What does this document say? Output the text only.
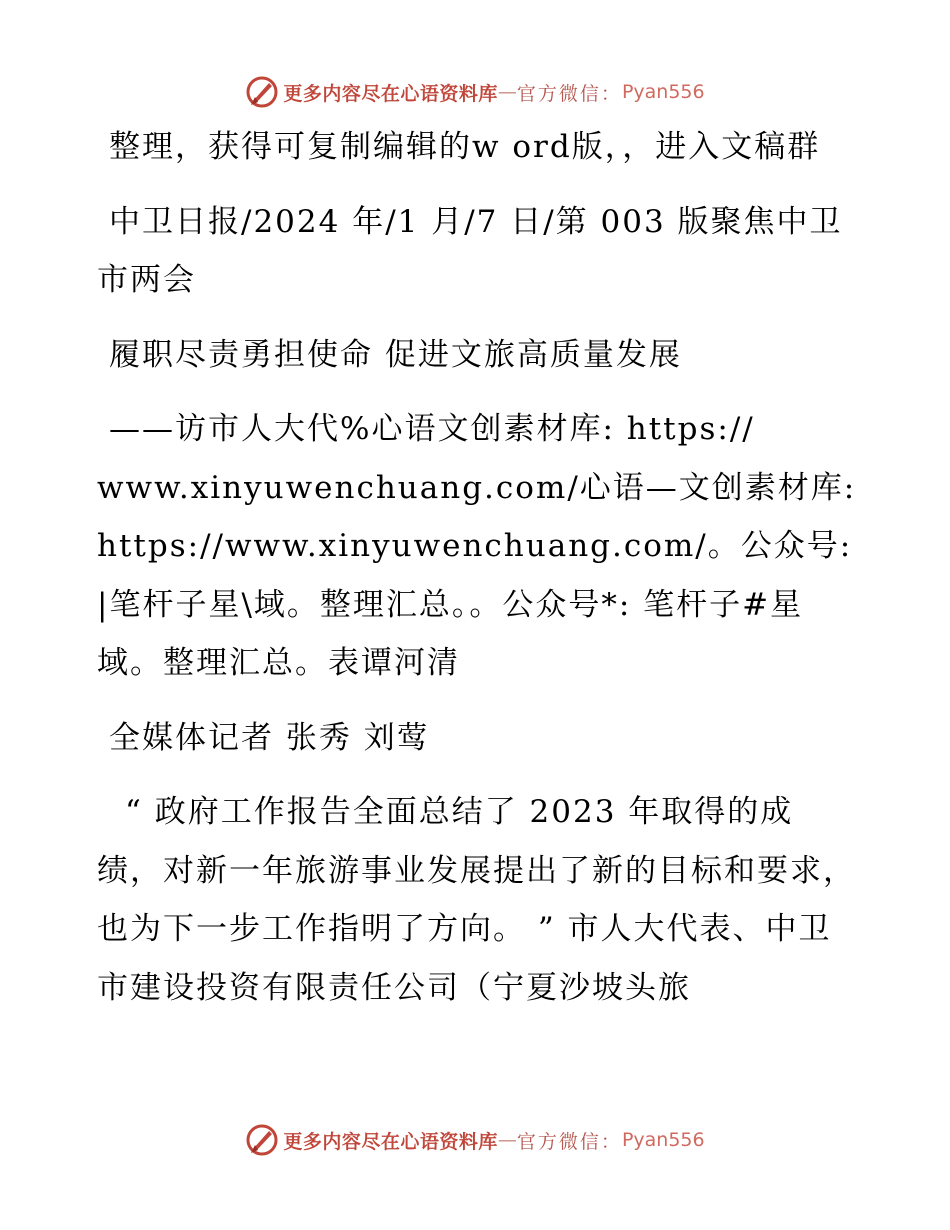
更多内容尽在心语资料库 — 官方微信： Pyan556

整理，获得可复制编辑的w ord版，，进入文稿群

中卫日报/2024 年/1 月/7 日/第 003 版聚焦中卫市两会

履职尽责勇担使命 促进文旅高质量发展

——访市人大代%心语文创素材库: https:// www.xinyuwenchuang.com/心语—文创素材库: https://www.xinyuwenchuang.com/。公众号: |笔杆子星\域。整理汇总。。公众号*: 笔杆子#星域。整理汇总。表谭河清

全媒体记者 张秀 刘莺

“ 政府工作报告全面总结了 2023 年取得的成绩，对新一年旅游事业发展提出了新的目标和要求，也为下一步工作指明了方向。 ” 市人大代表、中卫市建设投资有限责任公司（宁夏沙坡头旅

更多内容尽在心语资料库 — 官方微信： Pyan556
